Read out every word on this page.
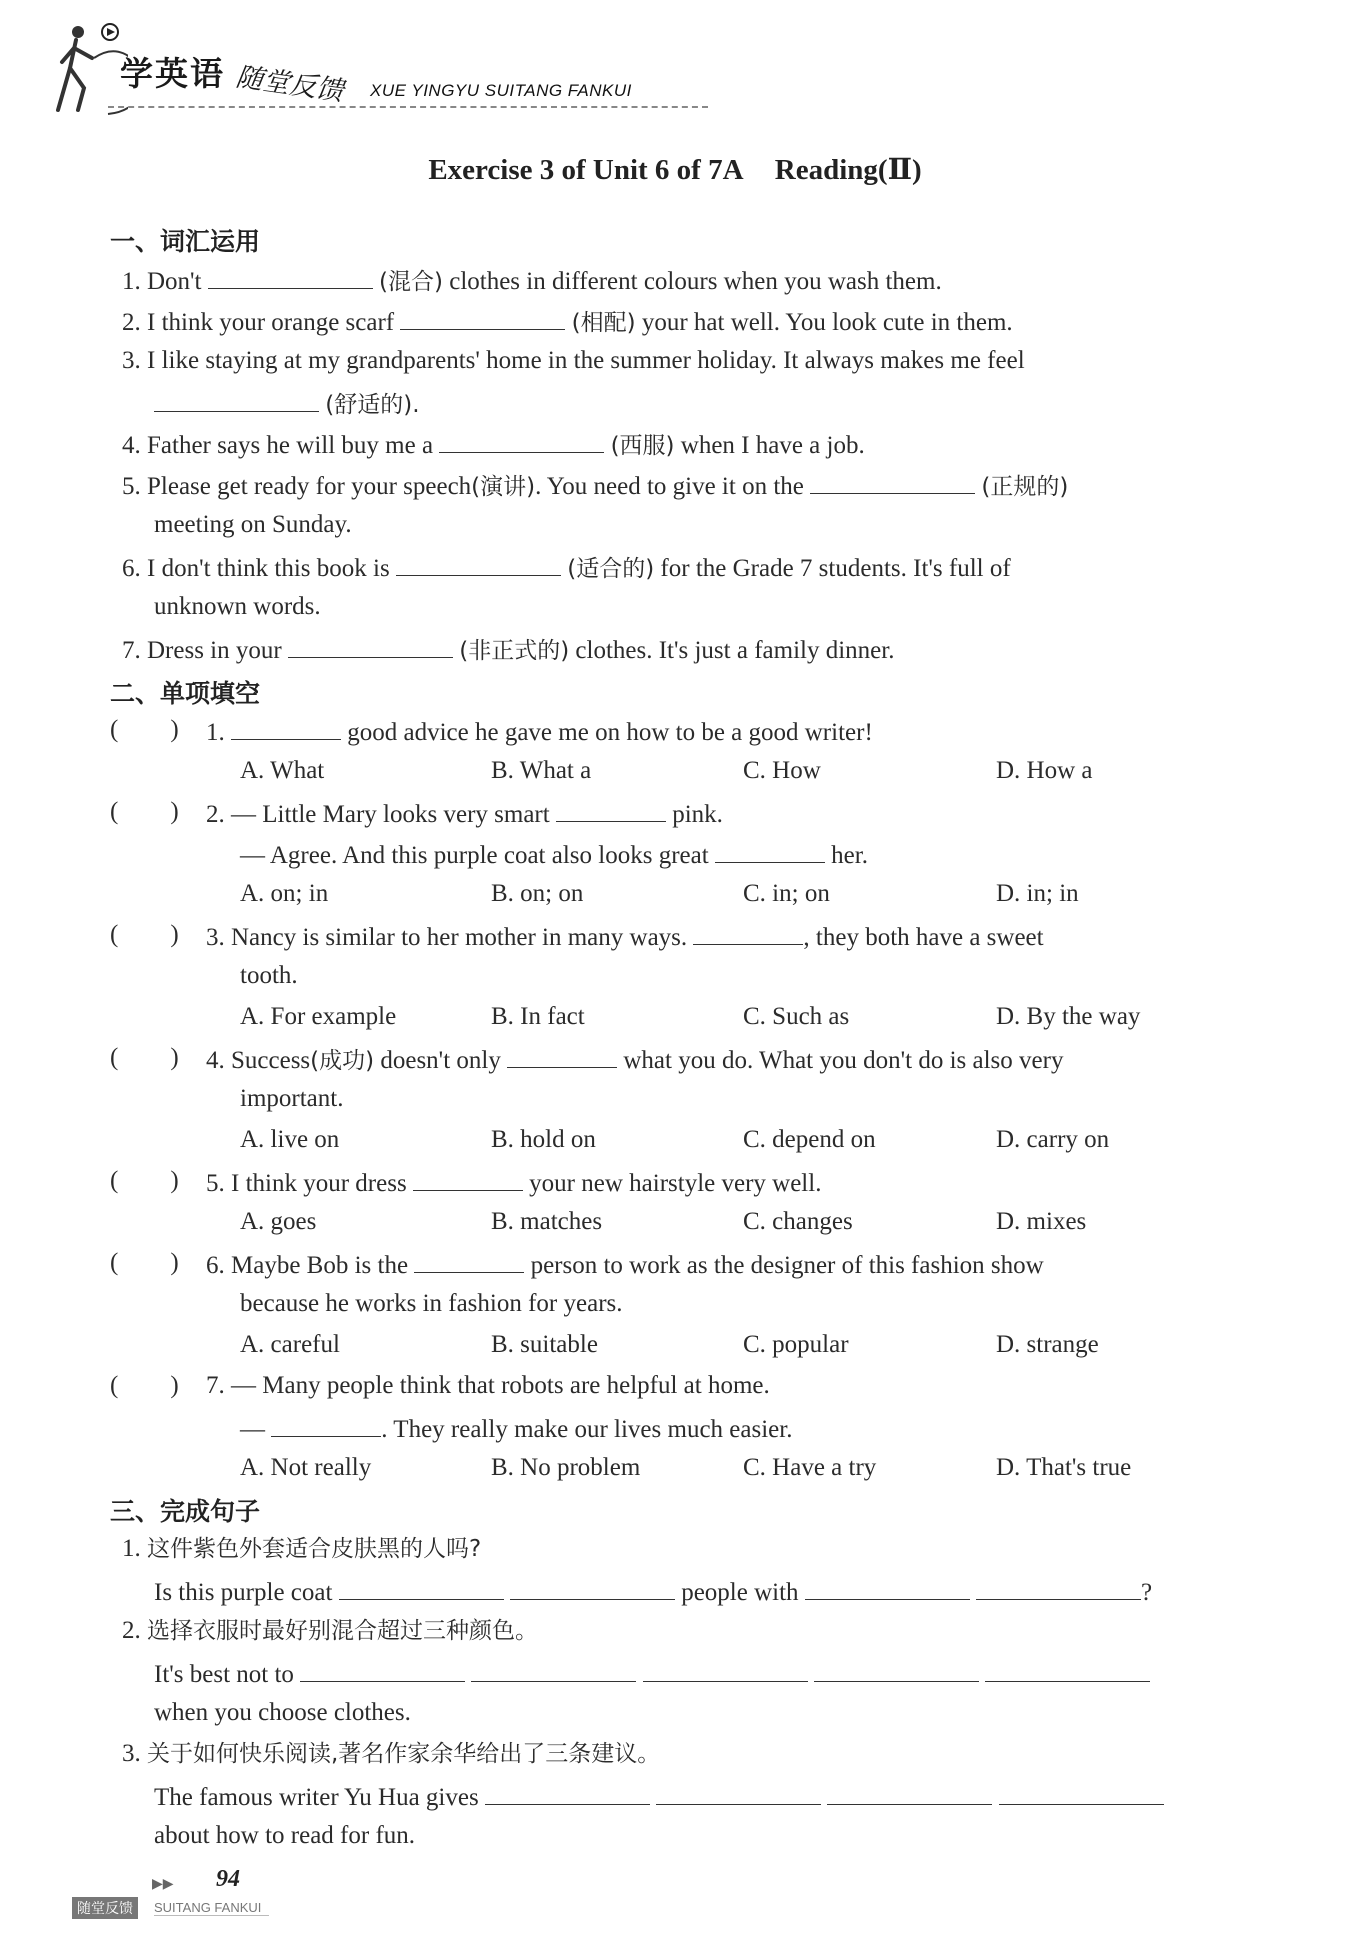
学英语 随堂反馈 XUE YINGYU SUITANG FANKUI
Exercise 3 of Unit 6 of 7A Reading(Ⅱ)
一、词汇运用
1. Don't	(混合) clothes in different colours when you wash them.
2. I think your orange scarf	(相配) your hat well. You look cute in them.
3. I like staying at my grandparents' home in the summer holiday. It always makes me feel
(舒适的).
4. Father says he will buy me a	(西服) when I have a job.
5. Please get ready for your speech(演讲). You need to give it on the	(正规的)
meeting on Sunday.
6. I don't think this book is	(适合的) for the Grade 7 students. It's full of
unknown words.
7. Dress in your	(非正式的) clothes. It's just a family dinner.
二、单项填空
( ) 1.	good advice he gave me on how to be a good writer!
A. What	B. What a	C. How	D. How a
( ) 2. — Little Mary looks very smart	pink.
— Agree. And this purple coat also looks great	her.
A. on; in	B. on; on	C. in; on	D. in; in
( ) 3. Nancy is similar to her mother in many ways.	, they both have a sweet
tooth.
A. For example	B. In fact	C. Such as	D. By the way
( ) 4. Success(成功) doesn't only	what you do. What you don't do is also very
important.
A. live on	B. hold on	C. depend on	D. carry on
( ) 5. I think your dress	your new hairstyle very well.
A. goes	B. matches	C. changes	D. mixes
( ) 6. Maybe Bob is the	person to work as the designer of this fashion show
because he works in fashion for years.
A. careful	B. suitable	C. popular	D. strange
( ) 7. — Many people think that robots are helpful at home.
—	. They really make our lives much easier.
A. Not really	B. No problem	C. Have a try	D. That's true
三、完成句子
1. 这件紫色外套适合皮肤黑的人吗?
Is this purple coat	people with	?
2. 选择衣服时最好别混合超过三种颜色。
It's best not to
when you choose clothes.
3. 关于如何快乐阅读,著名作家余华给出了三条建议。
The famous writer Yu Hua gives
about how to read for fun.
▶▶ 94
随堂反馈	SUITANG FANKUI
